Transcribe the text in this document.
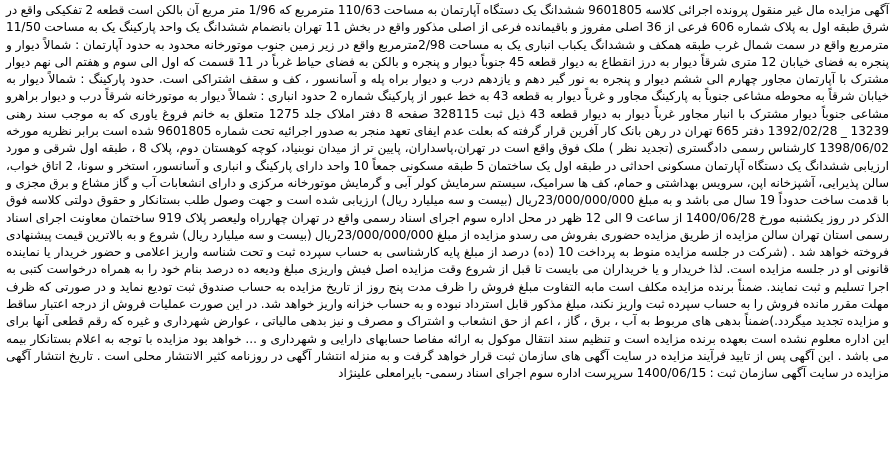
آگهی مزایده مال غیر منقول پرونده اجرائی کلاسه 9601805 ششدانگ یک دستگاه آپارتمان به مساحت 110/63 مترمربع که 1/96 متر مربع آن بالکن است قطعه 2 تفکیکی واقع در شرق طبقه اول به پلاک شماره 606 فرعی از 36 اصلی مفروز و باقیمانده فرعی از اصلی مذکور واقع در بخش 11 تهران بانضمام ششدانگ یک واحد پارکینگ یک به مساحت 11/50 مترمربع واقع در سمت شمال غرب طبقه همکف و ششدانگ یکباب انباری یک به مساحت 2/98مترمربع واقع در زیر زمین جنوب موتورخانه محدود به حدود آپارتمان : شمالاً دیوار و پنجره به فضای خیابان 12 متری شرقاً دیوار به درز انقطاع به دیوار قطعه 45 جنوباً دیوار و پنجره و بالکن به فضای حیاط غرباً در 11 قسمت که اول الی سوم و هفتم الی نهم دیوار مشترک با آپارتمان مجاور چهارم الی ششم دیوار و پنجره به نور گیر دهم و یازدهم درب و دیوار براه پله و آسانسور ، کف و سقف اشتراکی است. حدود پارکینگ : شمالاً دیوار به خیابان شرقاً به محوطه مشاعی جنوباً به پارکینگ مجاور و غرباً دیوار به قطعه 43 به خط عبور از پارکینگ شماره 2 حدود انباری : شمالاً دیوار به موتورخانه شرقاً درب و دیوار براهرو مشاعی جنوباً دیوار مشترک با انبار مجاور غرباً دیوار به دیوار قطعه 43 ذیل ثبت 328115 صفحه 8 دفتر املاک جلد 1275 متعلق به خانم فروغ یاوری که به موجب سند رهنی 13239 _ 1392/02/28 دفتر 665 تهران در رهن بانک کار آفرین قرار گرفته که بعلت عدم ایفای تعهد منجر به صدور اجرائیه تحت شماره 9601805 شده است برابر نظریه مورخه 1398/06/02 کارشناس رسمی دادگستری (تجدید نظر ) ملک فوق واقع است در تهران،پاسداران، پایین تر از میدان نوبنیاد، کوچه کوهستان دوم، پلاک 8 ، طبقه اول شرقی و مورد ارزیابی ششدانگ یک دستگاه آپارتمان مسکونی احداثی در طبقه اول یک ساختمان 5 طبقه مسکونی جمعاً 10 واحد دارای پارکینگ و انباری و آسانسور، استخر و سونا، 2 اتاق خواب، سالن پذیرایی، آشپزخانه اپن، سرویس بهداشتی و حمام، کف ها سرامیک، سیستم سرمایش کولر آبی و گرمایش موتورخانه مرکزی و دارای انشعابات آب و گاز مشاع و برق مجزی و با قدمت ساخت حدوداً 19 سال می باشد و به مبلغ 23/000/000/000ریال (بیست و سه میلیارد ریال) ارزیابی شده است و جهت وصول طلب بستانکار و حقوق دولتی کلاسه فوق الذکر در روز یکشنبه مورخ 1400/06/28 از ساعت 9 الی 12 ظهر در محل اداره سوم اجرای اسناد رسمی واقع در تهران چهارراه ولیعصر پلاک 919 ساختمان معاونت اجرای اسناد رسمی استان تهران سالن مزایده از طریق مزایده حضوری بفروش می رسدو مزایده از مبلغ 23/000/000/000ریال (بیست و سه میلیارد ریال) شروع و به بالاترین قیمت پیشنهادی فروخته خواهد شد . (شرکت در جلسه مزایده منوط به پرداخت 10 (ده) درصد از مبلغ پایه کارشناسی به حساب سپرده ثبت و تحت شناسه واریز اعلامی و حضور خریدار یا نماینده قانونی او در جلسه مزایده است. لذا خریدار و یا خریداران می بایست تا قبل از شروع وقت مزایده اصل فیش واریزی مبلغ ودیعه ده درصد بنام خود را به همراه درخواست کتبی به اجرا تسلیم و ثبت نمایند. ضمناً برنده مزایده مکلف است مابه التفاوت مبلغ فروش را ظرف مدت پنج روز از تاریخ مزایده به حساب صندوق ثبت تودیع نماید و در صورتی که ظرف مهلت مقرر مانده فروش را به حساب سپرده ثبت واریز نکند، مبلغ مذکور قابل استرداد نبوده و به حساب خزانه واریز خواهد شد. در این صورت عملیات فروش از درجه اعتبار ساقط و مزایده تجدید میگردد.)ضمناً بدهی های مربوط به آب ، برق ، گاز ، اعم از حق انشعاب و اشتراک و مصرف و نیز بدهی مالیاتی ، عوارض شهرداری و غیره که رقم قطعی آنها برای این اداره معلوم نشده است بعهده برنده مزایده است و تنظیم سند انتقال موکول به ارائه مفاصا حسابهای دارایی و شهرداری و ... خواهد بود مزایده با توجه به اعلام بستانکار بیمه می باشد . این آگهی پس از تایید فرآیند مزایده در سایت آگهی های سازمان ثبت قرار خواهد گرفت و به منزله انتشار آگهی در روزنامه کثیر الانتشار محلی است . تاریخ انتشار آگهی مزایده در سایت آگهی سازمان ثبت : 1400/06/15 سرپرست اداره سوم اجرای اسناد رسمی- بایرامعلی علینژاد
